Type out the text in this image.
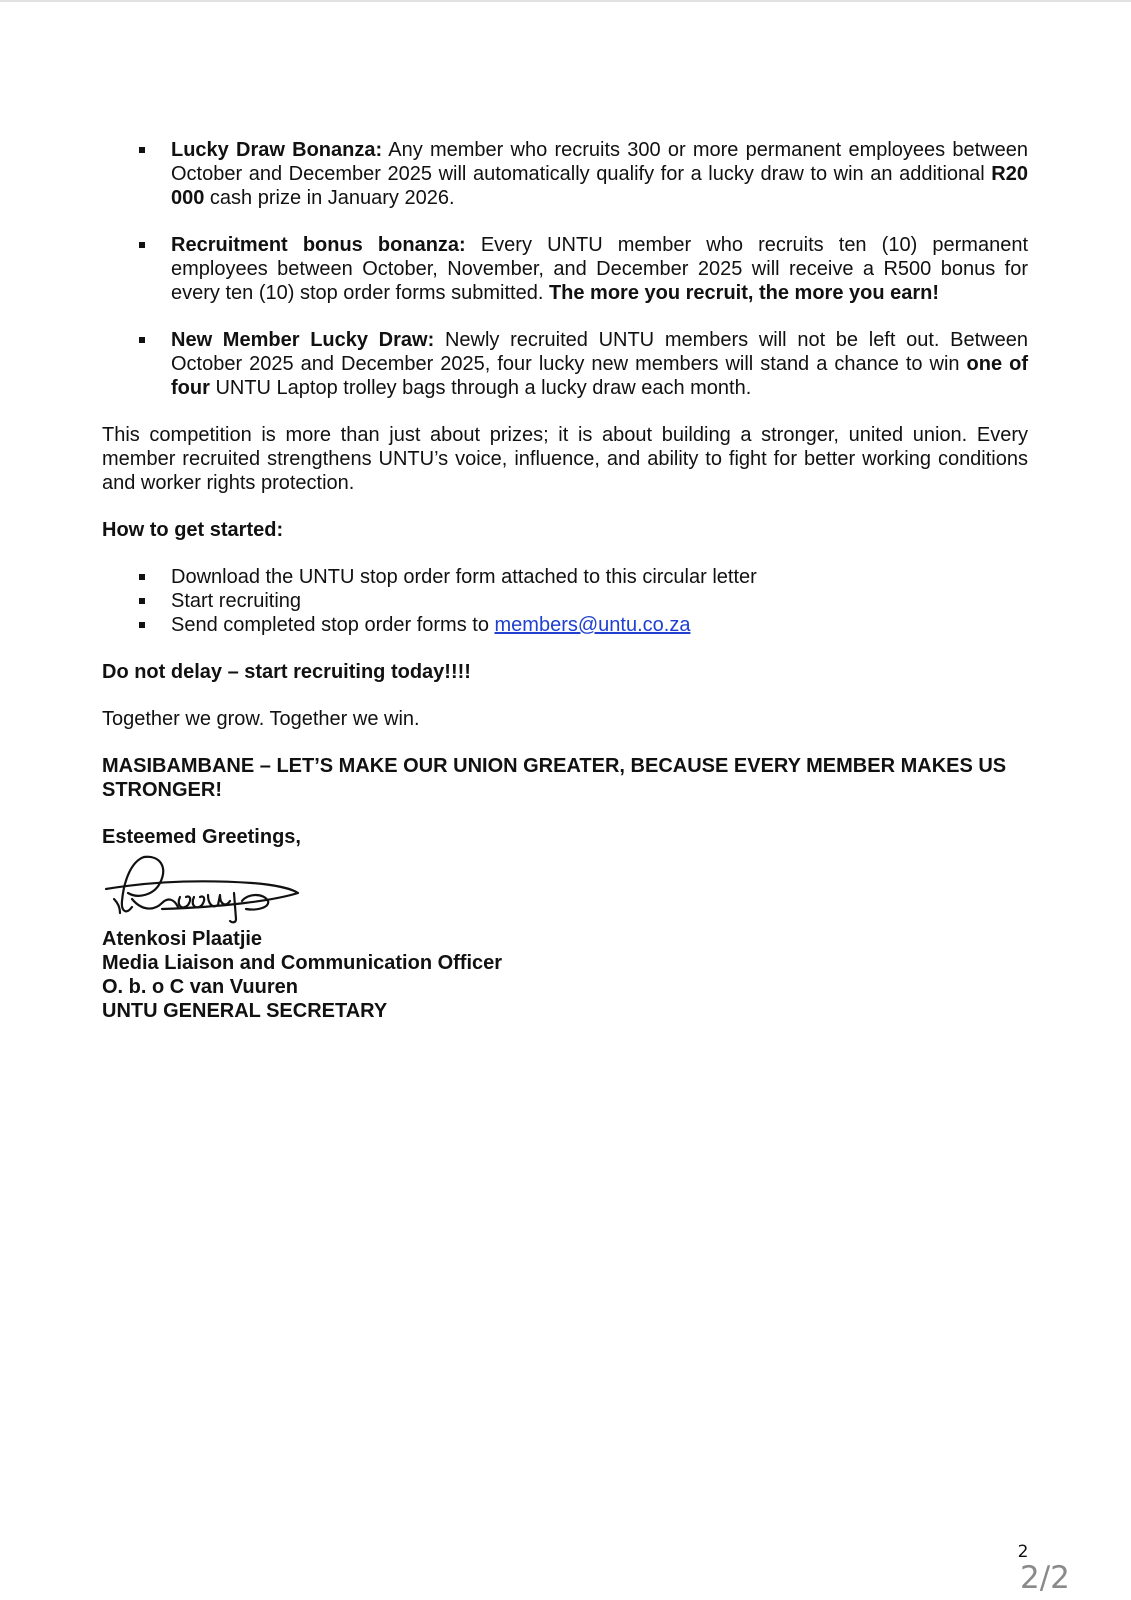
Lucky Draw Bonanza: Any member who recruits 300 or more permanent employees between October and December 2025 will automatically qualify for a lucky draw to win an additional R20 000 cash prize in January 2026.
Recruitment bonus bonanza: Every UNTU member who recruits ten (10) permanent employees between October, November, and December 2025 will receive a R500 bonus for every ten (10) stop order forms submitted. The more you recruit, the more you earn!
New Member Lucky Draw: Newly recruited UNTU members will not be left out. Between October 2025 and December 2025, four lucky new members will stand a chance to win one of four UNTU Laptop trolley bags through a lucky draw each month.

This competition is more than just about prizes; it is about building a stronger, united union. Every member recruited strengthens UNTU’s voice, influence, and ability to fight for better working conditions and worker rights protection.

How to get started:

Download the UNTU stop order form attached to this circular letter
Start recruiting
Send completed stop order forms to members@untu.co.za

Do not delay – start recruiting today!!!!

Together we grow. Together we win.

MASIBAMBANE – LET’S MAKE OUR UNION GREATER, BECAUSE EVERY MEMBER MAKES US STRONGER!

Esteemed Greetings,
Atenkosi Plaatjie
Media Liaison and Communication Officer
O. b. o C van Vuuren
UNTU GENERAL SECRETARY
2
2/2
